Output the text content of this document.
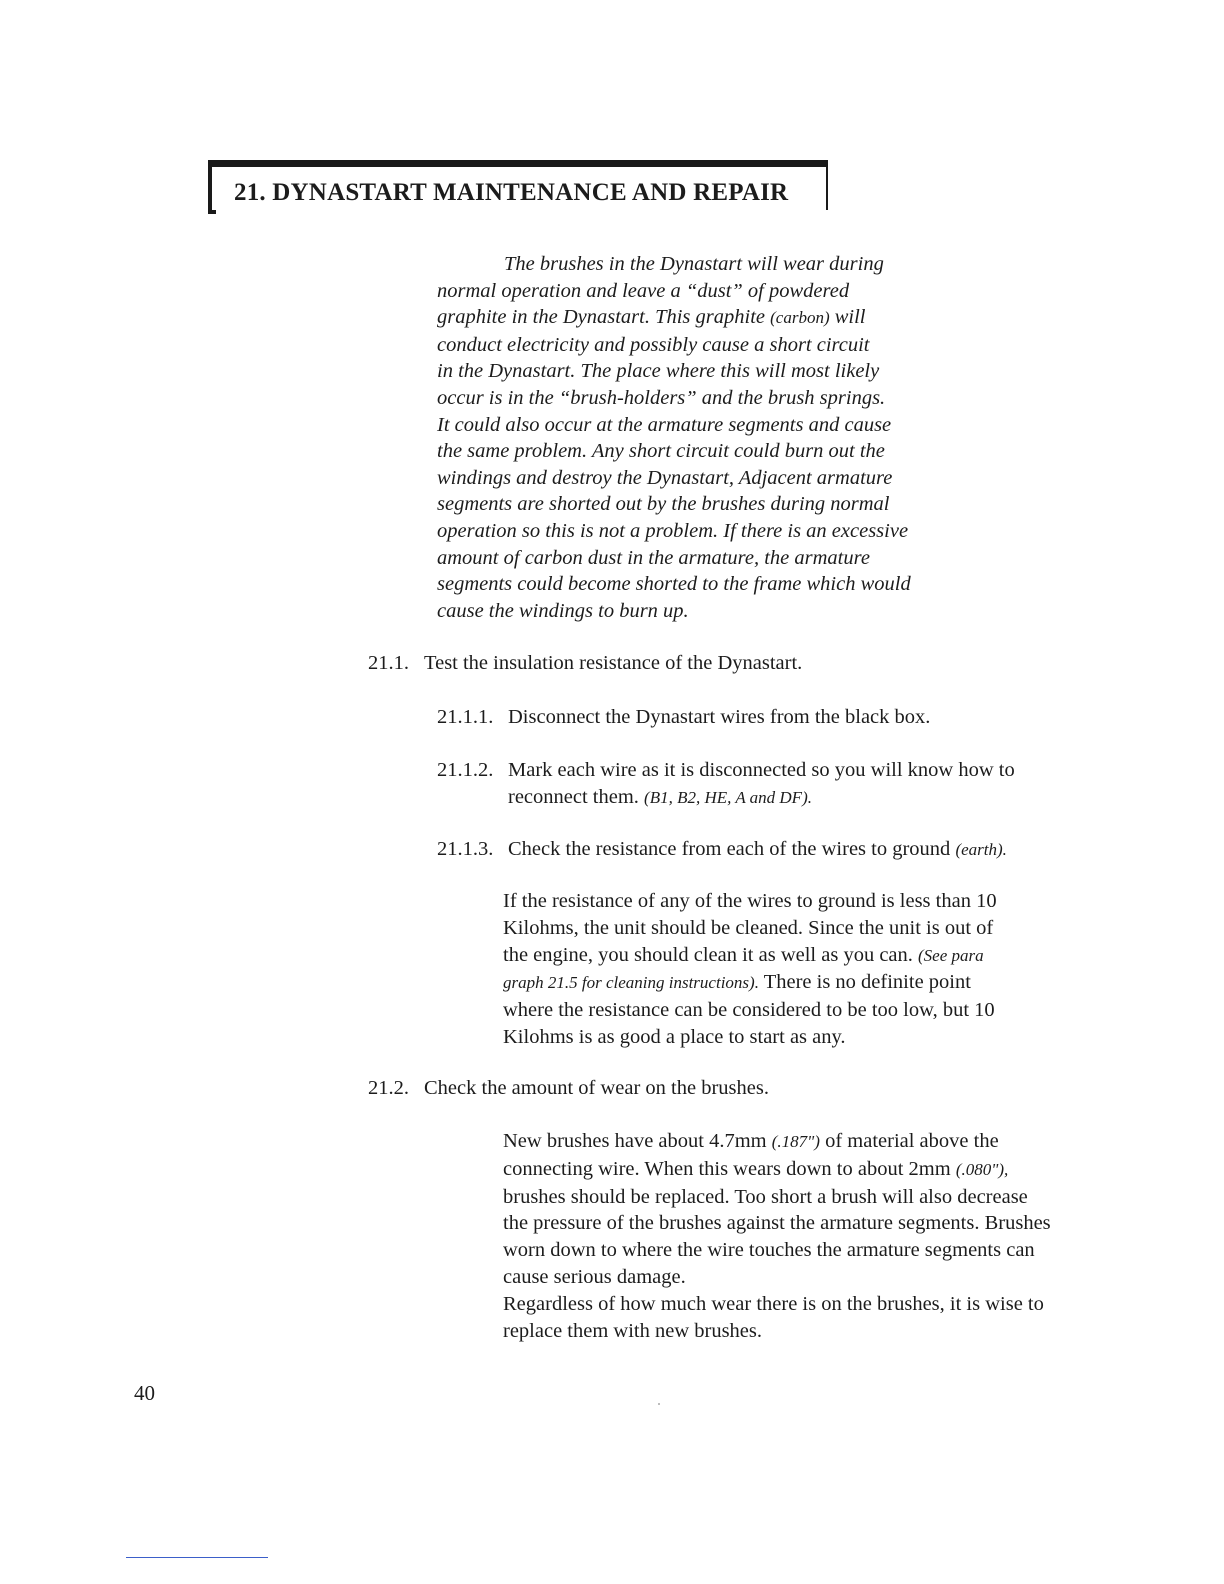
21. DYNASTART MAINTENANCE AND REPAIR
The brushes in the Dynastart will wear during
normal operation and leave a “dust” of powdered
graphite in the Dynastart. This graphite (carbon) will
conduct electricity and possibly cause a short circuit
in the Dynastart. The place where this will most likely
occur is in the “brush-holders” and the brush springs.
It could also occur at the armature segments and cause
the same problem. Any short circuit could burn out the
windings and destroy the Dynastart, Adjacent armature
segments are shorted out by the brushes during normal
operation so this is not a problem. If there is an excessive
amount of carbon dust in the armature, the armature
segments could become shorted to the frame which would
cause the windings to burn up.
21.1. Test the insulation resistance of the Dynastart.
21.1.1. Disconnect the Dynastart wires from the black box.
21.1.2. Mark each wire as it is disconnected so you will know how to
reconnect them. (B1, B2, HE, A and DF).
21.1.3. Check the resistance from each of the wires to ground (earth).
If the resistance of any of the wires to ground is less than 10
Kilohms, the unit should be cleaned. Since the unit is out of
the engine, you should clean it as well as you can. (See para
graph 21.5 for cleaning instructions). There is no definite point
where the resistance can be considered to be too low, but 10
Kilohms is as good a place to start as any.
21.2. Check the amount of wear on the brushes.
New brushes have about 4.7mm (.187") of material above the
connecting wire. When this wears down to about 2mm (.080"),
brushes should be replaced. Too short a brush will also decrease
the pressure of the brushes against the armature segments. Brushes
worn down to where the wire touches the armature segments can
cause serious damage.
Regardless of how much wear there is on the brushes, it is wise to
replace them with new brushes.
40
